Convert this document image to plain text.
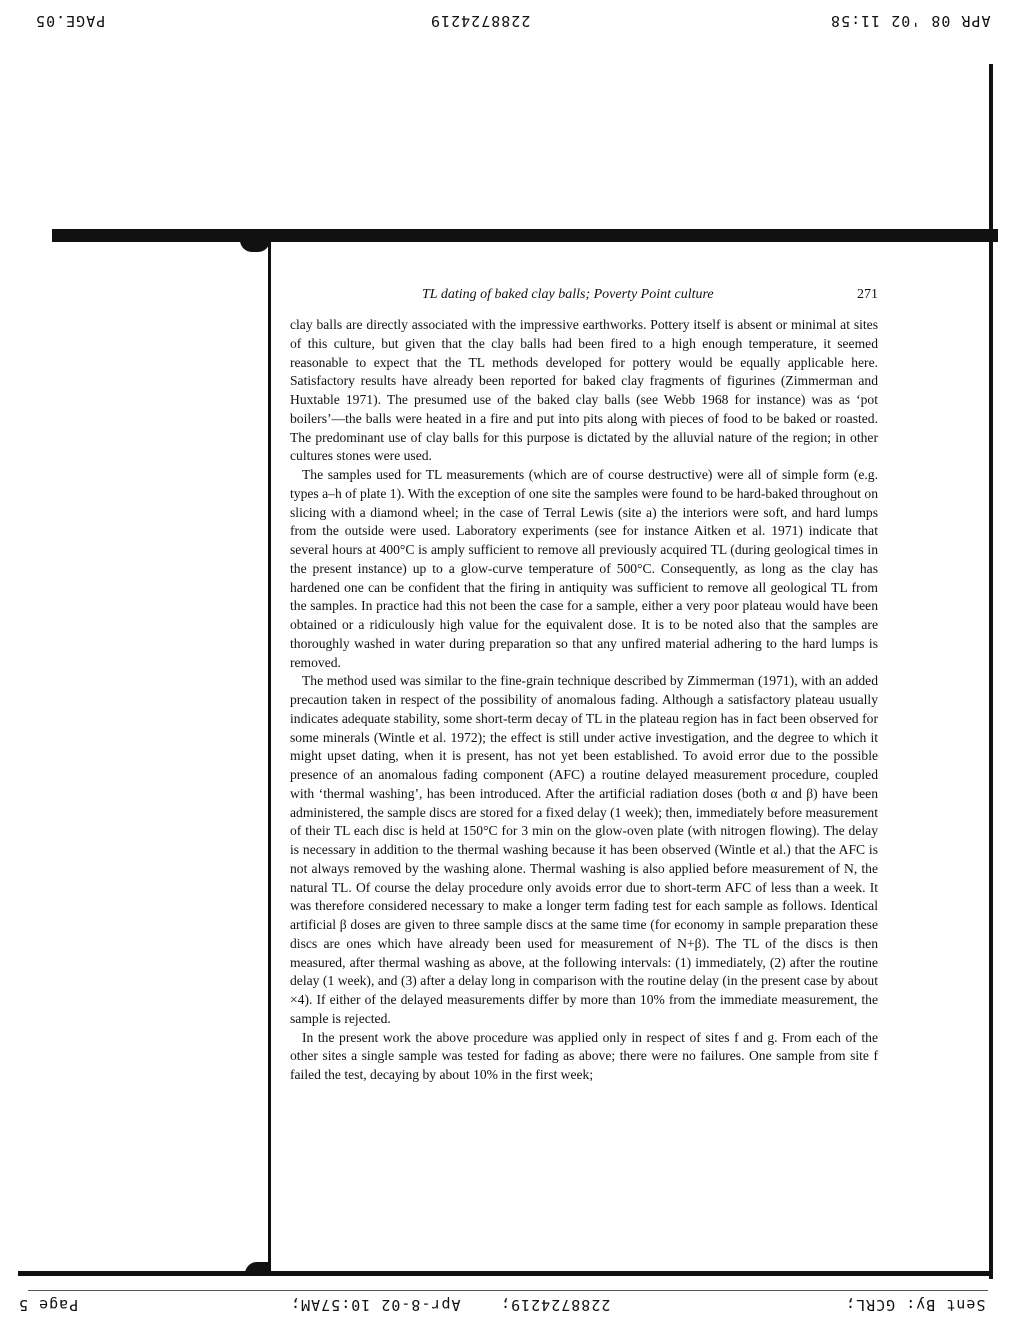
PAGE.05	2288724219	APR 08 '02 11:58
TL dating of baked clay balls; Poverty Point culture	271

clay balls are directly associated with the impressive earthworks. Pottery itself is absent or minimal at sites of this culture, but given that the clay balls had been fired to a high enough temperature, it seemed reasonable to expect that the TL methods developed for pottery would be equally applicable here. Satisfactory results have already been reported for baked clay fragments of figurines (Zimmerman and Huxtable 1971). The presumed use of the baked clay balls (see Webb 1968 for instance) was as ‘pot boilers’—the balls were heated in a fire and put into pits along with pieces of food to be baked or roasted. The predominant use of clay balls for this purpose is dictated by the alluvial nature of the region; in other cultures stones were used.

The samples used for TL measurements (which are of course destructive) were all of simple form (e.g. types a–h of plate 1). With the exception of one site the samples were found to be hard-baked throughout on slicing with a diamond wheel; in the case of Terral Lewis (site a) the interiors were soft, and hard lumps from the outside were used. Laboratory experiments (see for instance Aitken et al. 1971) indicate that several hours at 400°C is amply sufficient to remove all previously acquired TL (during geological times in the present instance) up to a glow-curve temperature of 500°C. Consequently, as long as the clay has hardened one can be confident that the firing in antiquity was sufficient to remove all geological TL from the samples. In practice had this not been the case for a sample, either a very poor plateau would have been obtained or a ridiculously high value for the equivalent dose. It is to be noted also that the samples are thoroughly washed in water during preparation so that any unfired material adhering to the hard lumps is removed.

The method used was similar to the fine-grain technique described by Zimmerman (1971), with an added precaution taken in respect of the possibility of anomalous fading. Although a satisfactory plateau usually indicates adequate stability, some short-term decay of TL in the plateau region has in fact been observed for some minerals (Wintle et al. 1972); the effect is still under active investigation, and the degree to which it might upset dating, when it is present, has not yet been established. To avoid error due to the possible presence of an anomalous fading component (AFC) a routine delayed measurement procedure, coupled with ‘thermal washing’, has been introduced. After the artificial radiation doses (both α and β) have been administered, the sample discs are stored for a fixed delay (1 week); then, immediately before measurement of their TL each disc is held at 150°C for 3 min on the glow-oven plate (with nitrogen flowing). The delay is necessary in addition to the thermal washing because it has been observed (Wintle et al.) that the AFC is not always removed by the washing alone. Thermal washing is also applied before measurement of N, the natural TL. Of course the delay procedure only avoids error due to short-term AFC of less than a week. It was therefore considered necessary to make a longer term fading test for each sample as follows. Identical artificial β doses are given to three sample discs at the same time (for economy in sample preparation these discs are ones which have already been used for measurement of N+β). The TL of the discs is then measured, after thermal washing as above, at the following intervals: (1) immediately, (2) after the routine delay (1 week), and (3) after a delay long in comparison with the routine delay (in the present case by about ×4). If either of the delayed measurements differ by more than 10% from the immediate measurement, the sample is rejected.

In the present work the above procedure was applied only in respect of sites f and g. From each of the other sites a single sample was tested for fading as above; there were no failures. One sample from site f failed the test, decaying by about 10% in the first week;

Page 5	Apr-8-02 10:57AM;	2288724219;	Sent By: GCRL;
